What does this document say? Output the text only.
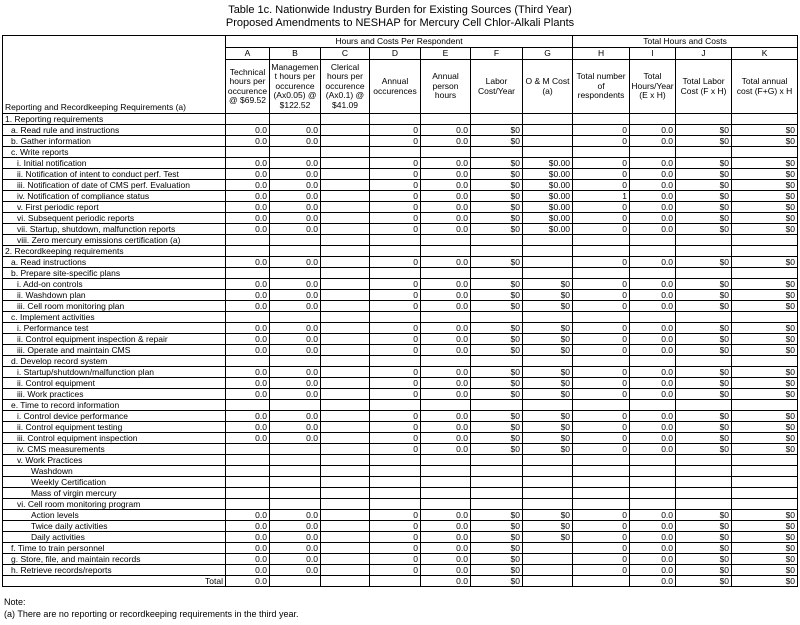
Table 1c. Nationwide Industry Burden for Existing Sources (Third Year)
Proposed Amendments to NESHAP for Mercury Cell Chlor-Alkali Plants
Reporting and Recordkeeping Requirements (a)	Hours and Costs Per Respondent							Total Hours and Costs			
	A	B	C	D	E	F	G	H	I	J	K
	Technical hours per occurence @ $69.52	Management hours per occurence (Ax0.05) @ $122.52	Clerical hours per occurence (Ax0.1) @ $41.09	Annual occurences	Annual person hours	Labor Cost/Year	O & M Cost (a)	Total number of respondents	Total Hours/Year (E x H)	Total Labor Cost (F x H)	Total annual cost (F+G) x H
1. Reporting requirements											
a. Read rule and instructions	0.0	0.0		0	0.0	$0		0	0.0	$0	$0
b. Gather information	0.0	0.0		0	0.0	$0		0	0.0	$0	$0
c. Write reports											
i. Initial notification	0.0	0.0		0	0.0	$0	$0.00	0	0.0	$0	$0
ii. Notification of intent to conduct perf. Test	0.0	0.0		0	0.0	$0	$0.00	0	0.0	$0	$0
iii. Notification of date of CMS perf. Evaluation	0.0	0.0		0	0.0	$0	$0.00	0	0.0	$0	$0
iv. Notification of compliance status	0.0	0.0		0	0.0	$0	$0.00	1	0.0	$0	$0
v. First periodic report	0.0	0.0		0	0.0	$0	$0.00	0	0.0	$0	$0
vi. Subsequent periodic reports	0.0	0.0		0	0.0	$0	$0.00	0	0.0	$0	$0
vii. Startup, shutdown, malfunction reports	0.0	0.0		0	0.0	$0	$0.00	0	0.0	$0	$0
viii. Zero mercury emissions certification (a)											
2. Recordkeeping requirements											
a. Read instructions	0.0	0.0		0	0.0	$0		0	0.0	$0	$0
b. Prepare site-specific plans											
i. Add-on controls	0.0	0.0		0	0.0	$0	$0	0	0.0	$0	$0
ii. Washdown plan	0.0	0.0		0	0.0	$0	$0	0	0.0	$0	$0
iii. Cell room monitoring plan	0.0	0.0		0	0.0	$0	$0	0	0.0	$0	$0
c. Implement activities											
i. Performance test	0.0	0.0		0	0.0	$0	$0	0	0.0	$0	$0
ii. Control equipment inspection & repair	0.0	0.0		0	0.0	$0	$0	0	0.0	$0	$0
iii. Operate and maintain CMS	0.0	0.0		0	0.0	$0	$0	0	0.0	$0	$0
d. Develop record system											
i. Startup/shutdown/malfunction plan	0.0	0.0		0	0.0	$0	$0	0	0.0	$0	$0
ii. Control equipment	0.0	0.0		0	0.0	$0	$0	0	0.0	$0	$0
iii. Work practices	0.0	0.0		0	0.0	$0	$0	0	0.0	$0	$0
e. Time to record information											
i. Control device performance	0.0	0.0		0	0.0	$0	$0	0	0.0	$0	$0
ii. Control equipment testing	0.0	0.0		0	0.0	$0	$0	0	0.0	$0	$0
iii. Control equipment inspection	0.0	0.0		0	0.0	$0	$0	0	0.0	$0	$0
iv. CMS measurements				0	0.0	$0	$0	0	0.0	$0	$0
v. Work Practices											
Washdown											
Weekly Certification											
Mass of virgin mercury											
vi. Cell room monitoring program											
Action levels	0.0	0.0		0	0.0	$0	$0	0	0.0	$0	$0
Twice daily activities	0.0	0.0		0	0.0	$0	$0	0	0.0	$0	$0
Daily activities	0.0	0.0		0	0.0	$0	$0	0	0.0	$0	$0
f. Time to train personnel	0.0	0.0		0	0.0	$0		0	0.0	$0	$0
g. Store, file, and maintain records	0.0	0.0		0	0.0	$0		0	0.0	$0	$0
h. Retrieve records/reports	0.0	0.0		0	0.0	$0		0	0.0	$0	$0
Total	0.0				0.0	$0			0.0	$0	$0
Note:
(a) There are no reporting or recordkeeping requirements in the third year.
